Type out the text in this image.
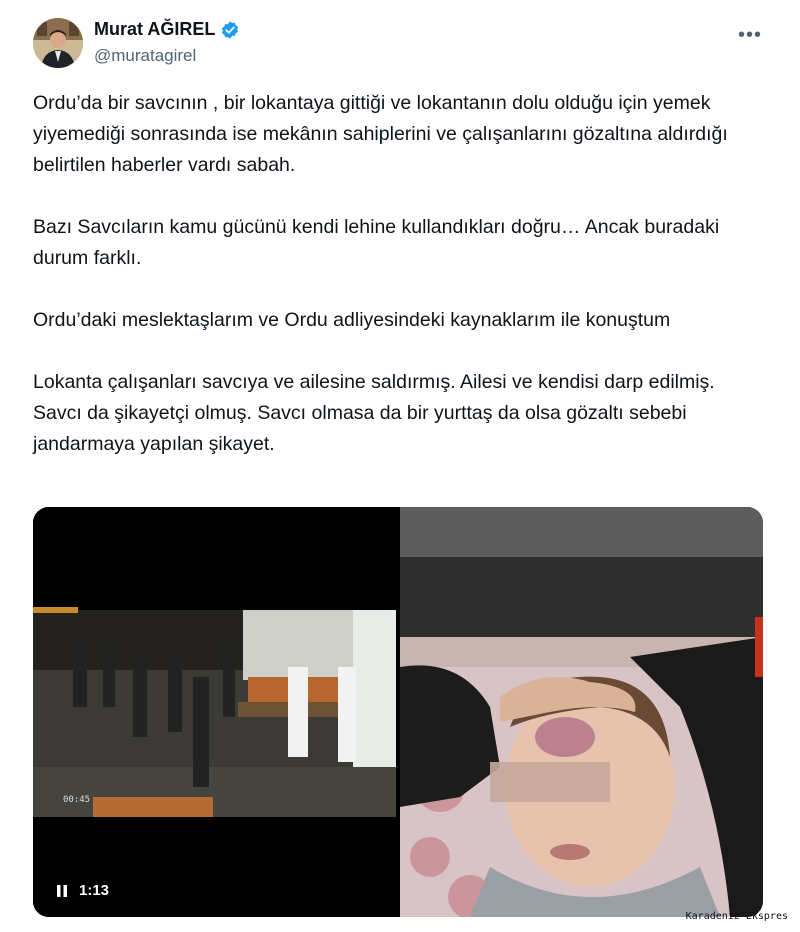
Murat AĞIREL
@muratagirel
•••

Ordu’da bir savcının , bir lokantaya gittiği ve lokantanın dolu olduğu için yemek yiyemediği sonrasında ise mekânın sahiplerini ve çalışanlarını gözaltına aldırdığı belirtilen haberler vardı sabah.

Bazı Savcıların kamu gücünü kendi lehine kullandıkları doğru… Ancak buradaki durum farklı.

Ordu’daki meslektaşlarım ve Ordu adliyesindeki kaynaklarım ile konuştum

Lokanta çalışanları savcıya ve ailesine saldırmış. Ailesi ve kendisi darp edilmiş. Savcı da şikayetçi olmuş. Savcı olmasa da bir yurttaş da olsa gözaltı sebebi jandarmaya yapılan şikayet.

00:45
1:13
Karadeniz Ekspres
